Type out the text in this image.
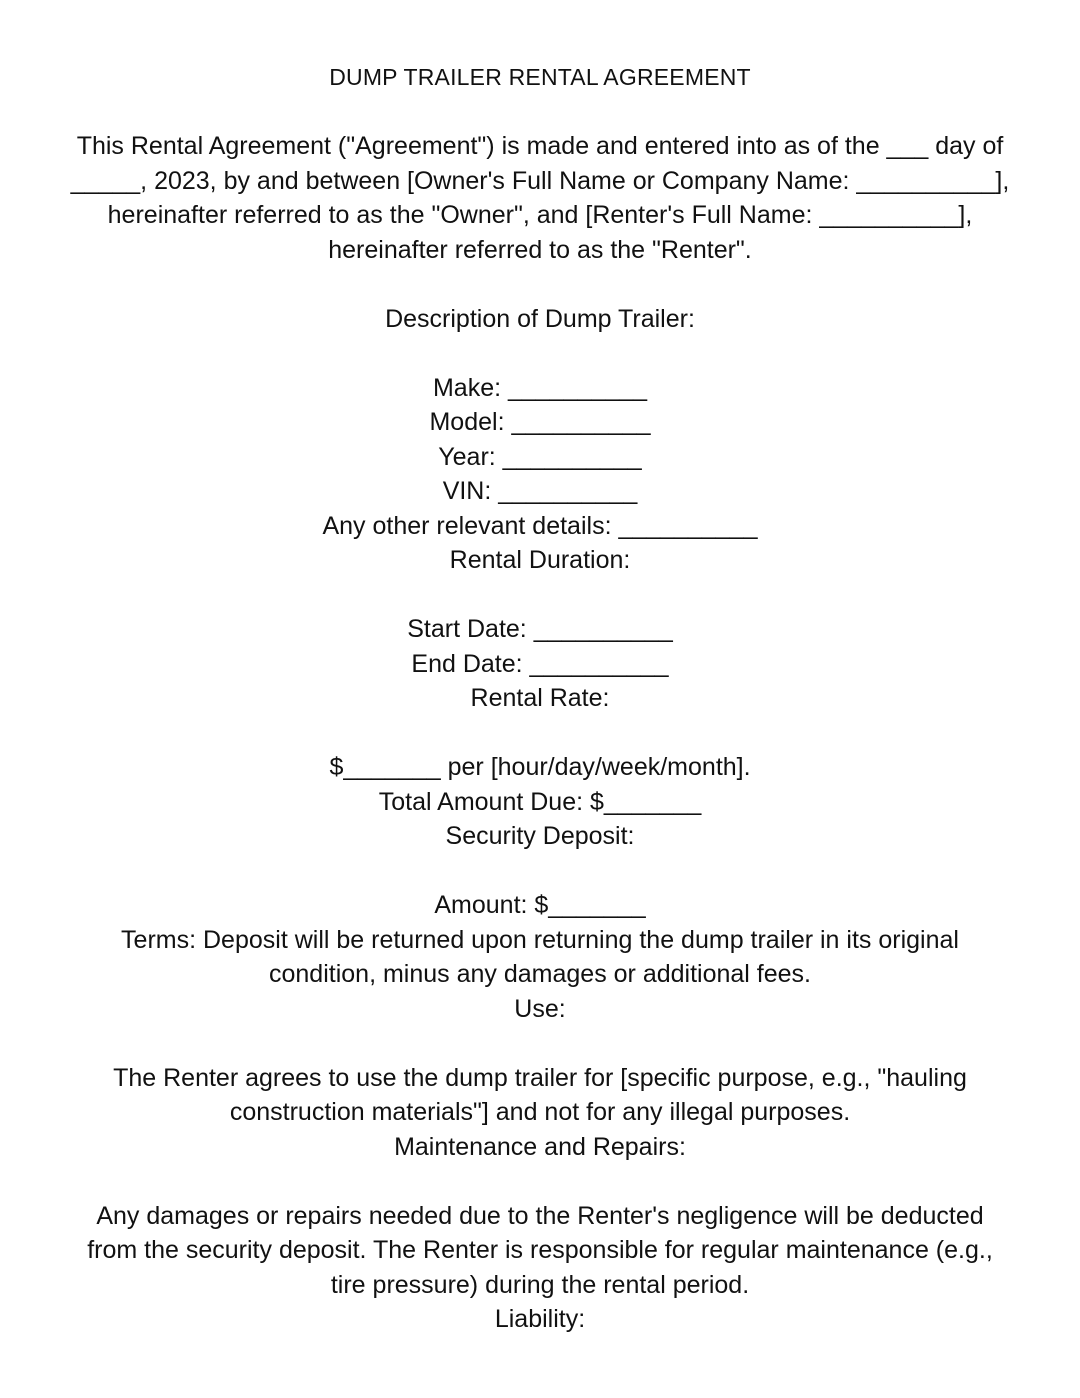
DUMP TRAILER RENTAL AGREEMENT
This Rental Agreement ("Agreement") is made and entered into as of the ___ day of
_____, 2023, by and between [Owner's Full Name or Company Name: __________],
hereinafter referred to as the "Owner", and [Renter's Full Name: __________],
hereinafter referred to as the "Renter".
Description of Dump Trailer:
Make: __________
Model: __________
Year: __________
VIN: __________
Any other relevant details: __________
Rental Duration:
Start Date: __________
End Date: __________
Rental Rate:
$_______ per [hour/day/week/month].
Total Amount Due: $_______
Security Deposit:
Amount: $_______
Terms: Deposit will be returned upon returning the dump trailer in its original
condition, minus any damages or additional fees.
Use:
The Renter agrees to use the dump trailer for [specific purpose, e.g., "hauling
construction materials"] and not for any illegal purposes.
Maintenance and Repairs:
Any damages or repairs needed due to the Renter's negligence will be deducted
from the security deposit. The Renter is responsible for regular maintenance (e.g.,
tire pressure) during the rental period.
Liability:
